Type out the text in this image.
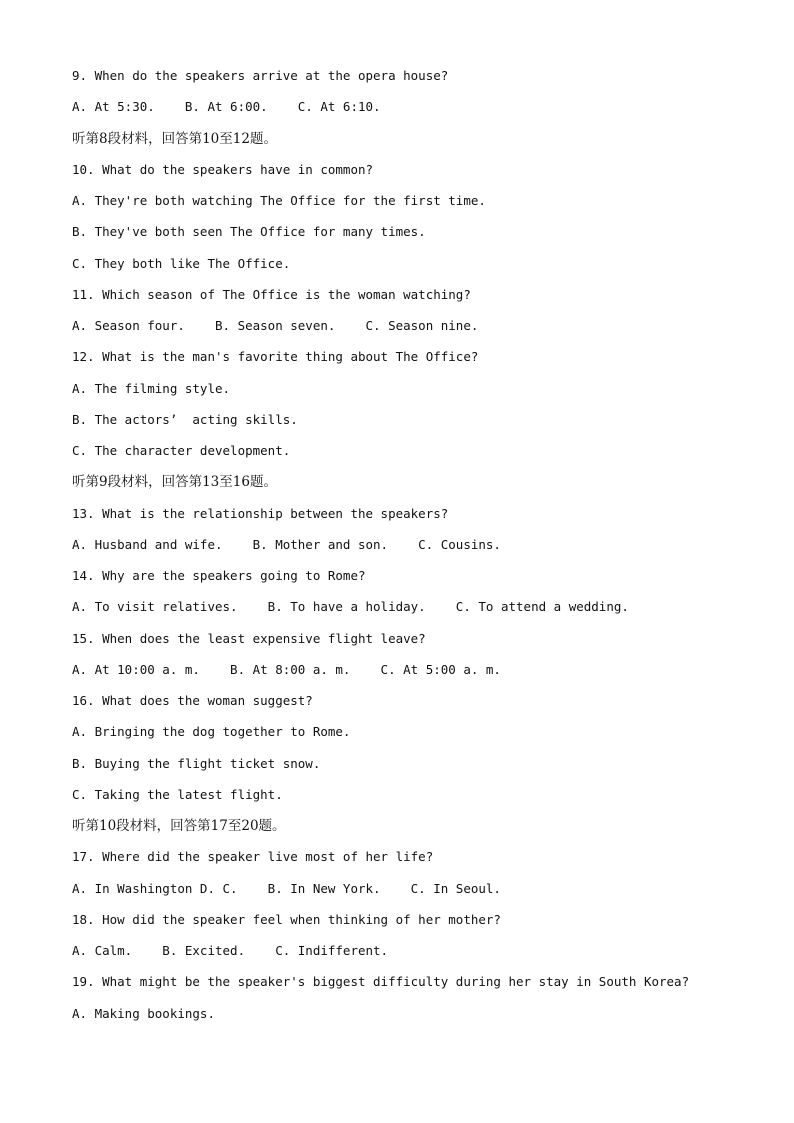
9. When do the speakers arrive at the opera house?
A. At 5:30.    B. At 6:00.    C. At 6:10.
听第8段材料，回答第10至12题。
10. What do the speakers have in common?
A. They're both watching The Office for the first time.
B. They've both seen The Office for many times.
C. They both like The Office.
11. Which season of The Office is the woman watching?
A. Season four.    B. Season seven.    C. Season nine.
12. What is the man's favorite thing about The Office?
A. The filming style.
B. The actors’  acting skills.
C. The character development.
听第9段材料，回答第13至16题。
13. What is the relationship between the speakers?
A. Husband and wife.    B. Mother and son.    C. Cousins.
14. Why are the speakers going to Rome?
A. To visit relatives.    B. To have a holiday.    C. To attend a wedding.
15. When does the least expensive flight leave?
A. At 10:00 a. m.    B. At 8:00 a. m.    C. At 5:00 a. m.
16. What does the woman suggest?
A. Bringing the dog together to Rome.
B. Buying the flight ticket snow.
C. Taking the latest flight.
听第10段材料，回答第17至20题。
17. Where did the speaker live most of her life?
A. In Washington D. C.    B. In New York.    C. In Seoul.
18. How did the speaker feel when thinking of her mother?
A. Calm.    B. Excited.    C. Indifferent.
19. What might be the speaker's biggest difficulty during her stay in South Korea?
A. Making bookings.
